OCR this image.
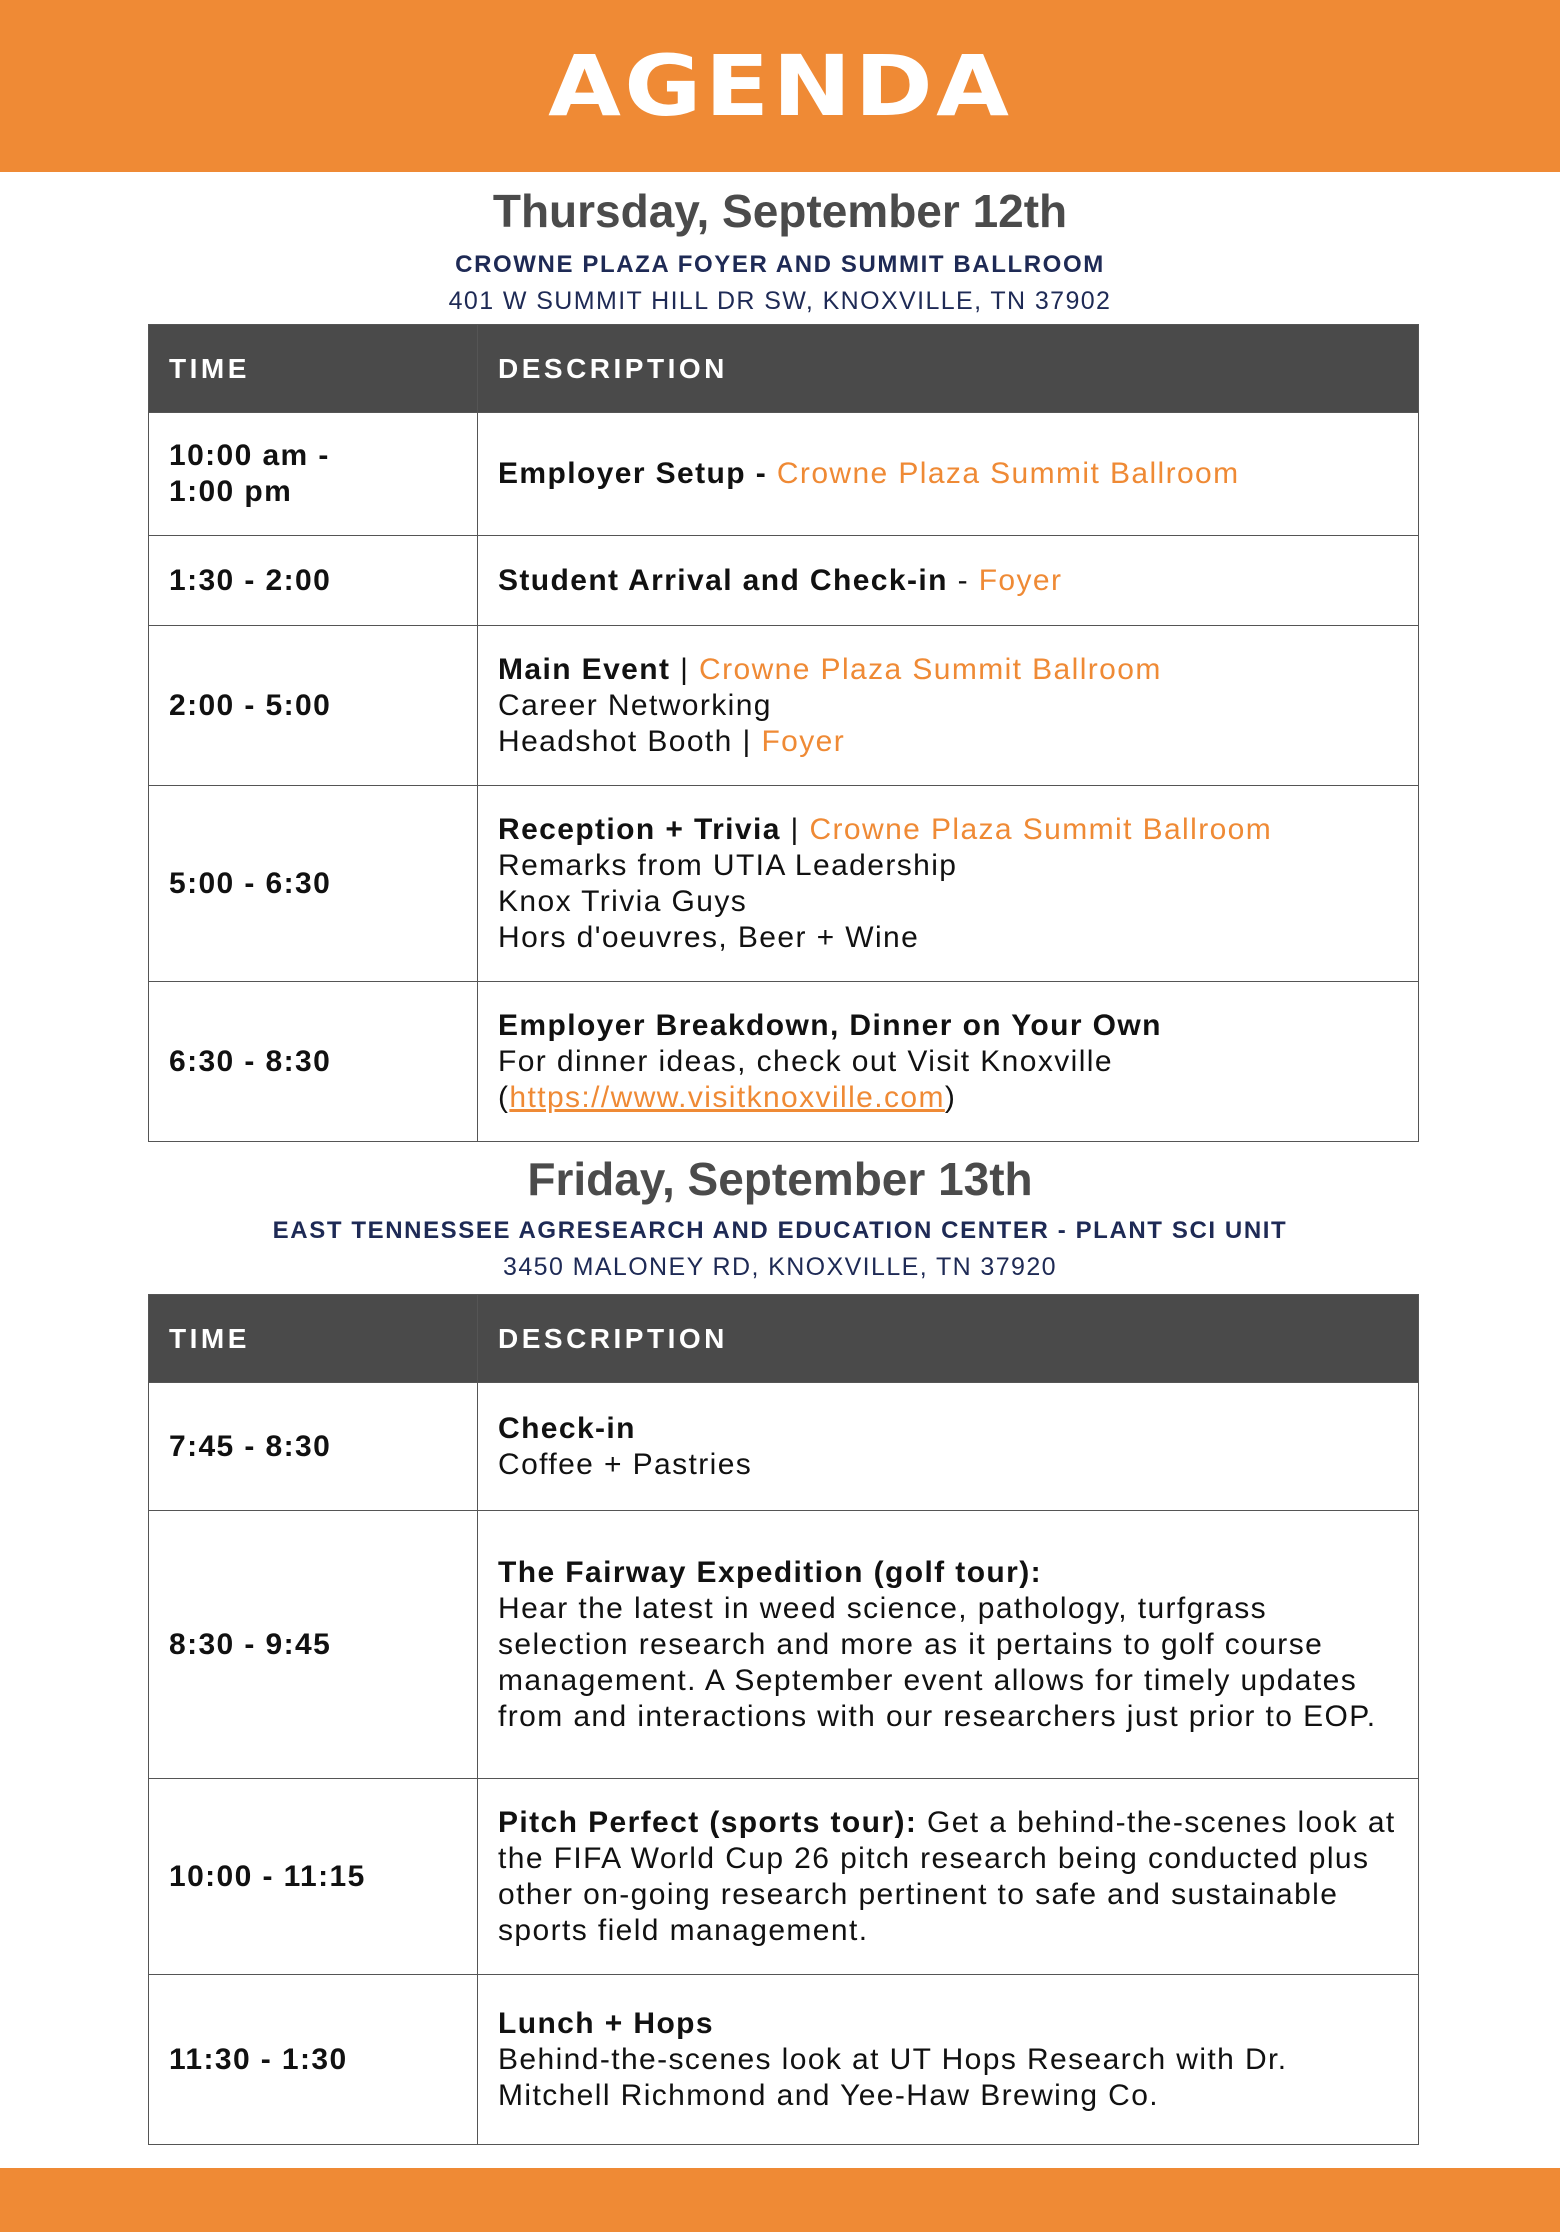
AGENDA
Thursday, September 12th
CROWNE PLAZA FOYER AND SUMMIT BALLROOM
401 W SUMMIT HILL DR SW, KNOXVILLE, TN 37902
TIME	DESCRIPTION

10:00 am -
1:00 pm	Employer Setup - Crowne Plaza Summit Ballroom
1:30 - 2:00	Student Arrival and Check-in - Foyer
2:00 - 5:00	Main Event | Crowne Plaza Summit Ballroom
Career Networking
Headshot Booth | Foyer

5:00 - 6:30	Reception + Trivia | Crowne Plaza Summit Ballroom
Remarks from UTIA Leadership
Knox Trivia Guys
Hors d'oeuvres, Beer + Wine

6:30 - 8:30	Employer Breakdown, Dinner on Your Own
For dinner ideas, check out Visit Knoxville
(https://www.visitknoxville.com)
Friday, September 13th
EAST TENNESSEE AGRESEARCH AND EDUCATION CENTER - PLANT SCI UNIT
3450 MALONEY RD, KNOXVILLE, TN 37920
TIME	DESCRIPTION
7:45 - 8:30	Check-in
Coffee + Pastries

8:30 - 9:45	The Fairway Expedition (golf tour):
Hear the latest in weed science, pathology, turfgrass selection research and more as it pertains to golf course management. A September event allows for timely updates from and interactions with our researchers just prior to EOP.

10:00 - 11:15	Pitch Perfect (sports tour): Get a behind-the-scenes look at the FIFA World Cup 26 pitch research being conducted plus other on-going research pertinent to safe and sustainable sports field management.
11:30 - 1:30	Lunch + Hops
Behind-the-scenes look at UT Hops Research with Dr. Mitchell Richmond and Yee-Haw Brewing Co.
